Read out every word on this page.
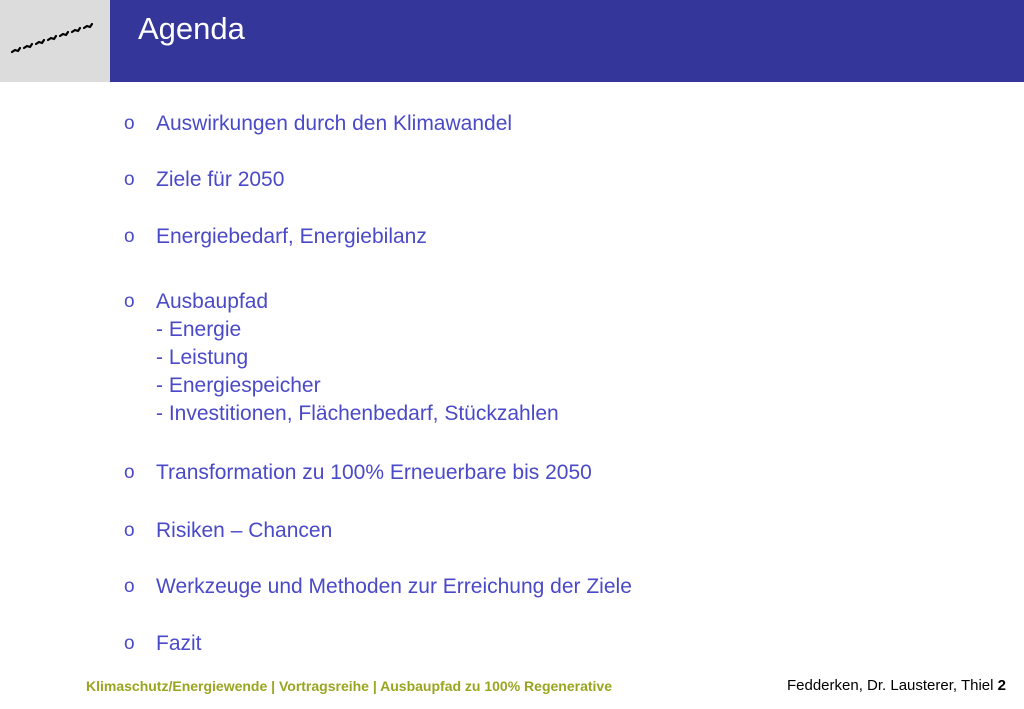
Agenda
o Auswirkungen durch den Klimawandel
o Ziele für 2050
o Energiebedarf, Energiebilanz
o Ausbaupfad
- Energie
- Leistung
- Energiespeicher
- Investitionen, Flächenbedarf, Stückzahlen
o Transformation zu 100% Erneuerbare bis 2050
o Risiken – Chancen
o Werkzeuge und Methoden zur Erreichung der Ziele
o Fazit
Klimaschutz/Energiewende | Vortragsreihe | Ausbaupfad zu 100% Regenerative	Fedderken, Dr. Lausterer, Thiel 2
